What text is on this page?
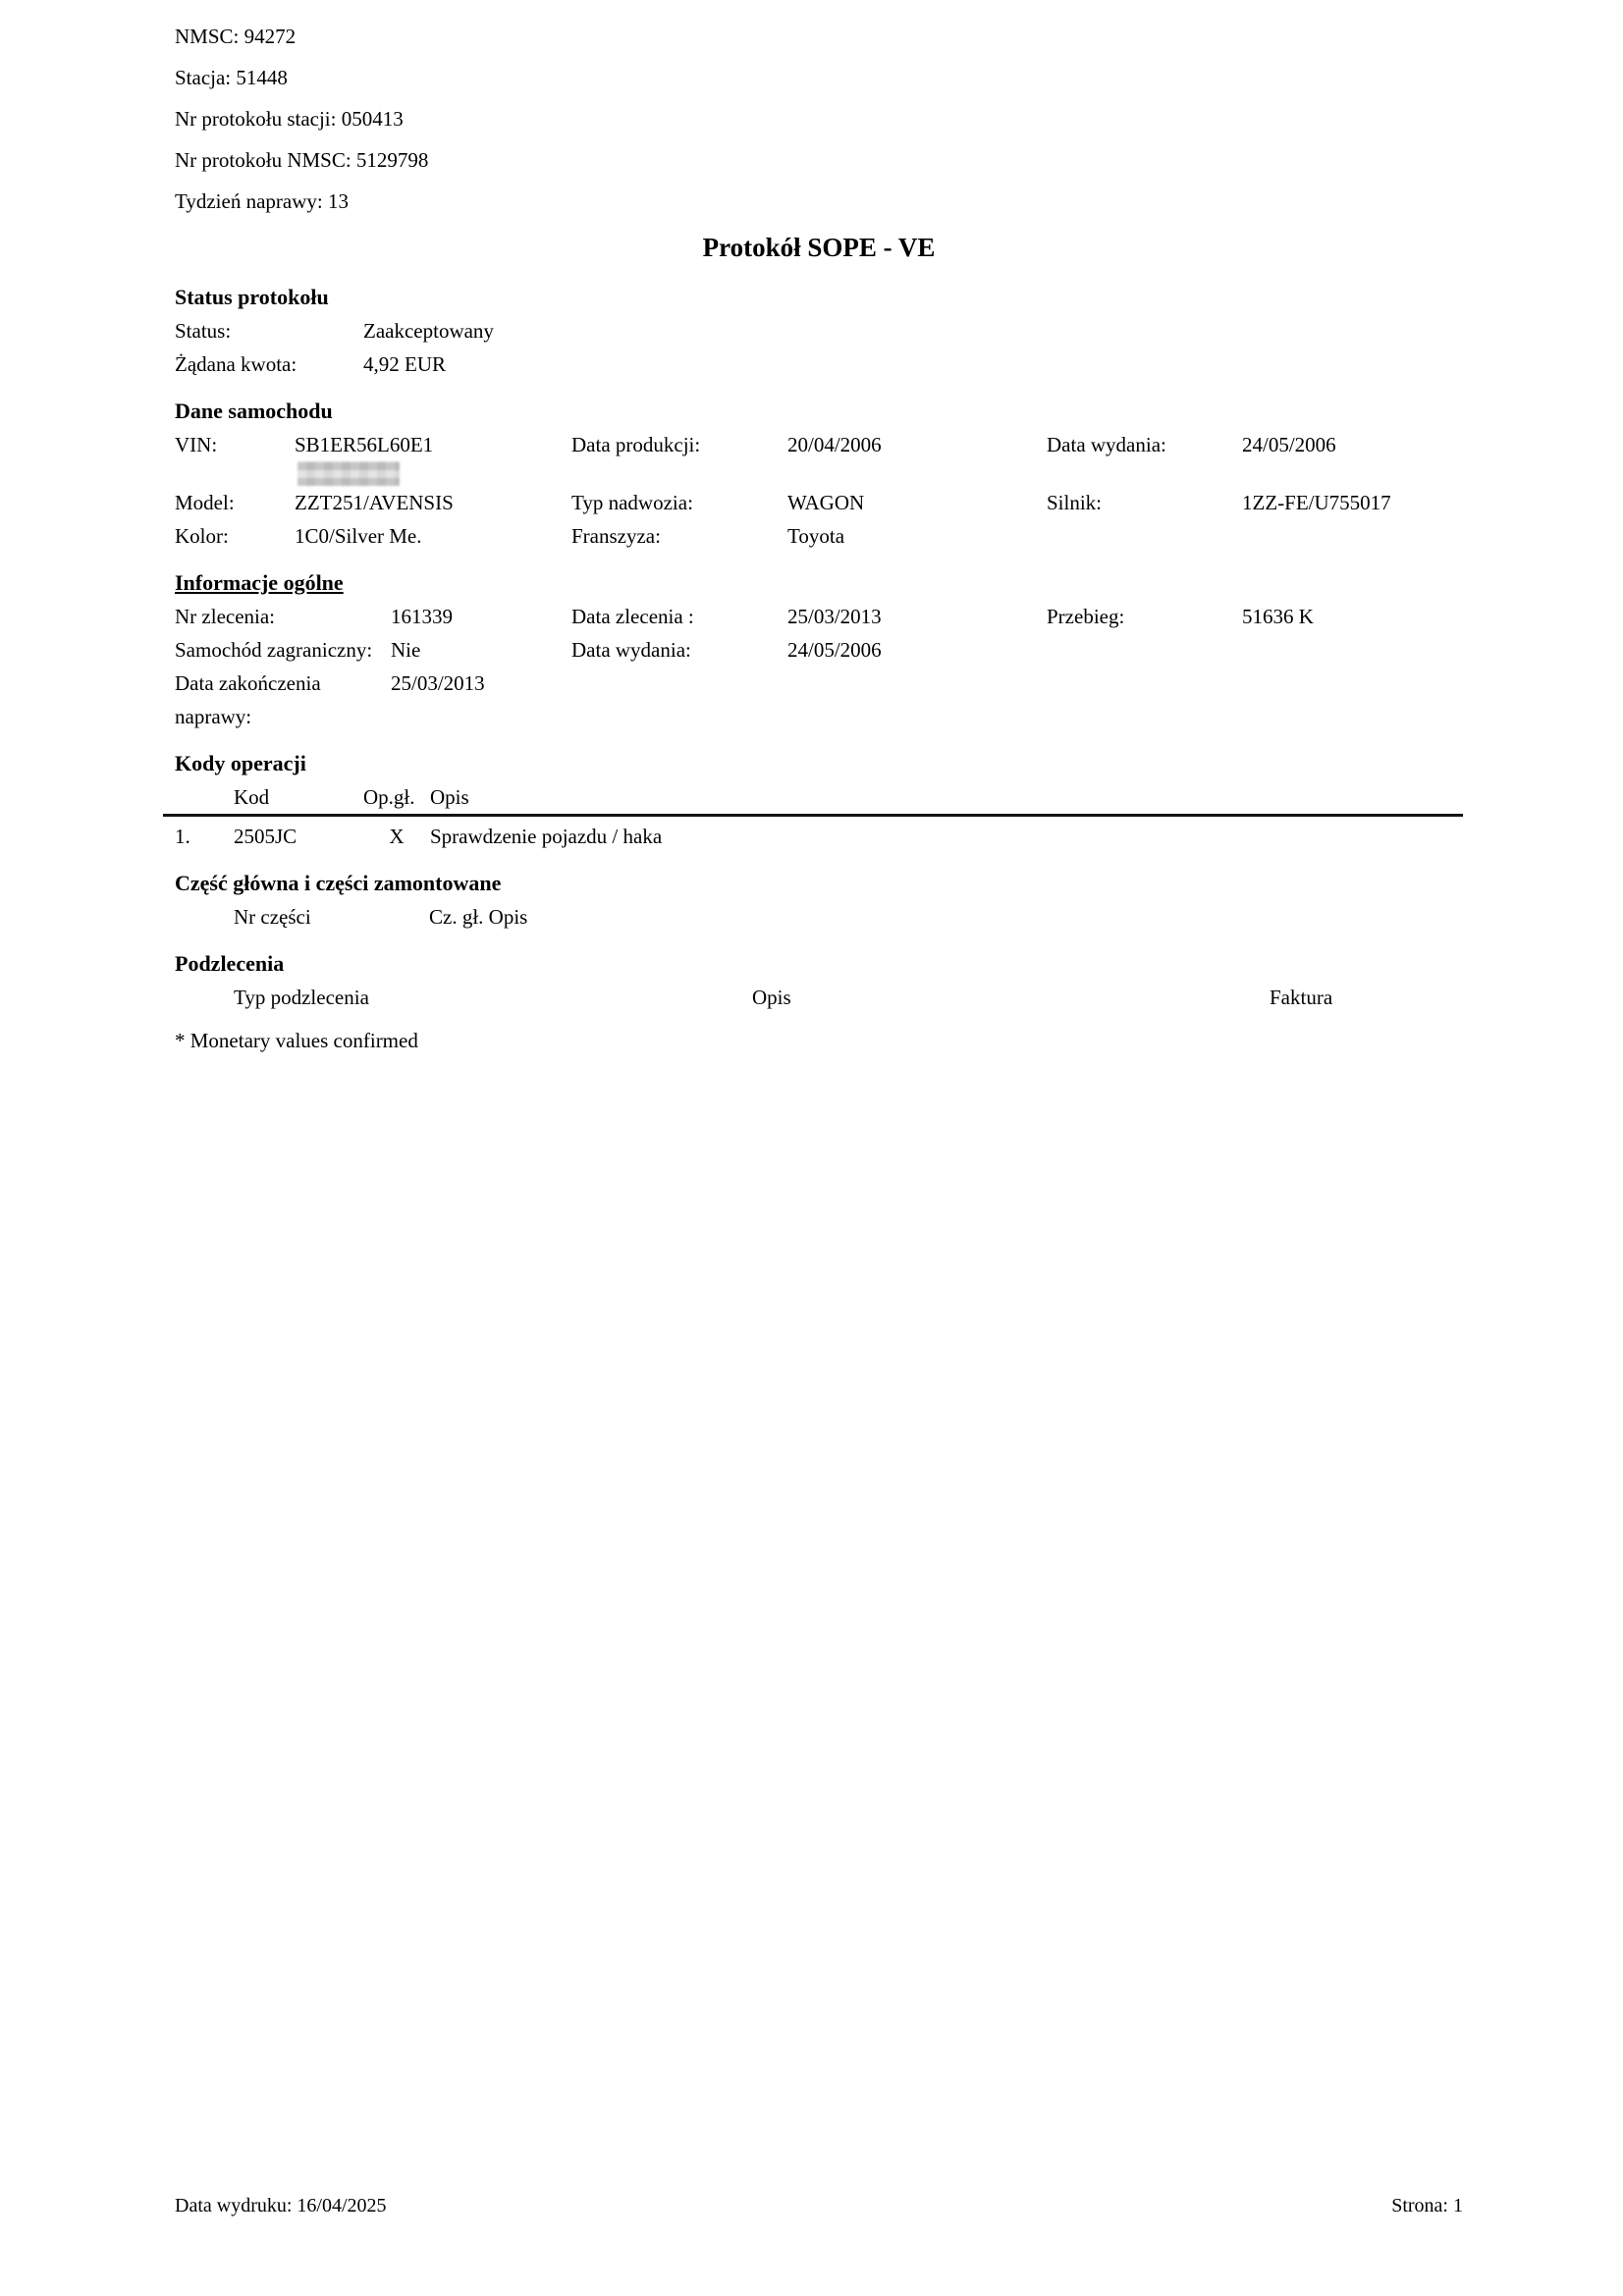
NMSC: 94272
Stacja: 51448
Nr protokołu stacji: 050413
Nr protokołu NMSC: 5129798
Tydzień naprawy: 13
Protokół SOPE - VE
Status protokołu
Status:	Zaakceptowany
Żądana kwota:	4,92 EUR
Dane samochodu
VIN:	SB1ER56L60E1	Data produkcji:	20/04/2006	Data wydania:	24/05/2006
Model:	ZZT251/AVENSIS	Typ nadwozia:	WAGON	Silnik:	1ZZ-FE/U755017
Kolor:	1C0/Silver Me.	Franszyza:	Toyota
Informacje ogólne
Nr zlecenia:	161339	Data zlecenia :	25/03/2013	Przebieg:	51636 K
Samochód zagraniczny: Nie	Data wydania:	24/05/2006
Data zakończenia naprawy:
25/03/2013
Kody operacji
Kod	Op.gł. Opis
1.	2505JC	X	Sprawdzenie pojazdu / haka
Część główna i części zamontowane
Nr części	Cz. gł. Opis
Podzlecenia
Typ podzlecenia	Opis	Faktura
* Monetary values confirmed
Data wydruku: 16/04/2025	Strona: 1
